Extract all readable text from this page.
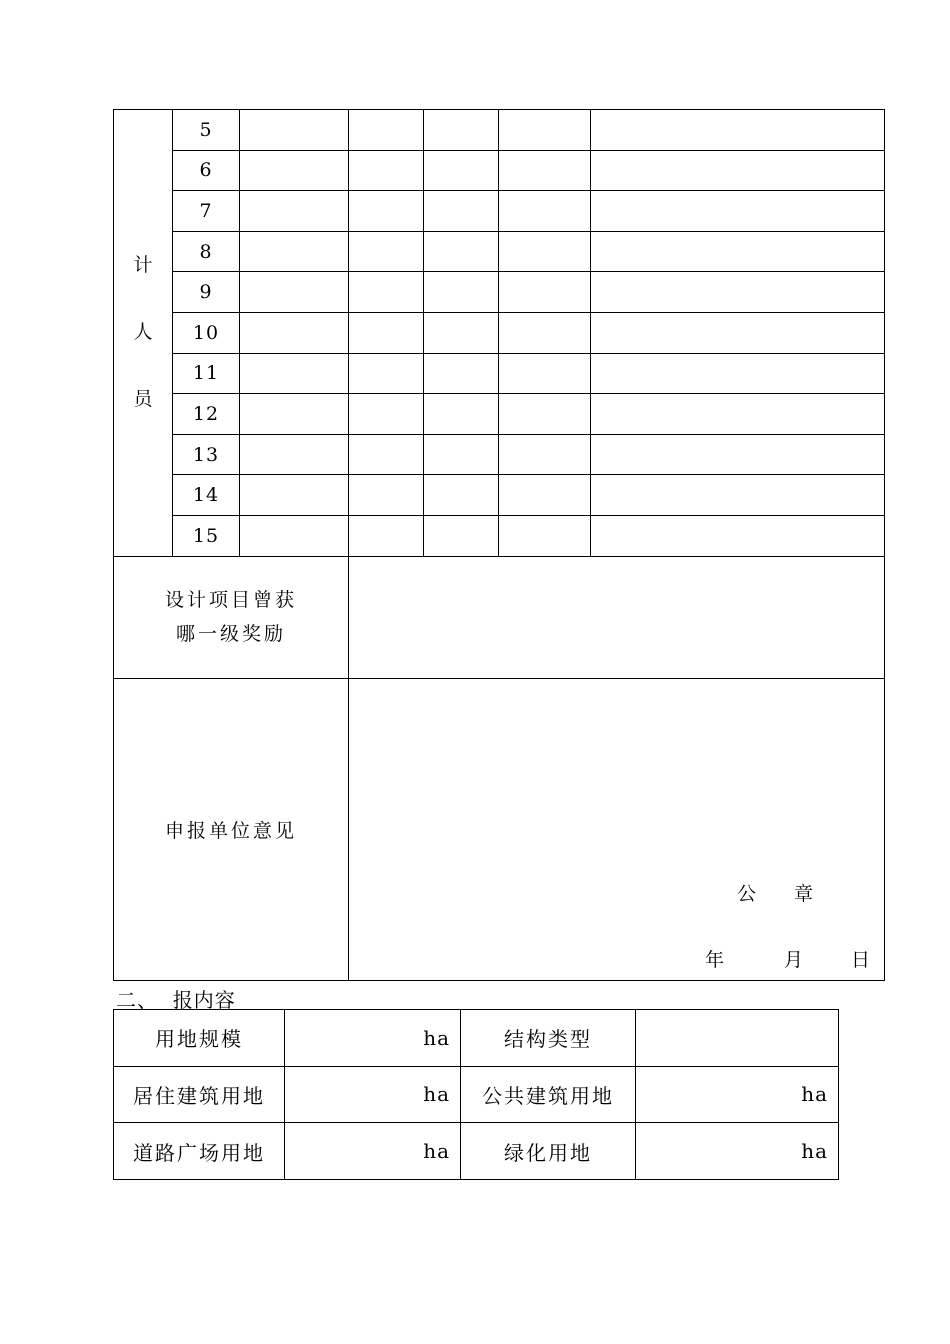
计
人
员	5					
	6					
	7					
	8					
	9					
	10					
	11					
	12					
	13					
	14					
	15					

设计项目曾获
哪一级奖励						

申报单位意见			公 章
年 月 日			
二、  报内容
用地规模	ha	结构类型	
居住建筑用地	ha	公共建筑用地	ha
道路广场用地	ha	绿化用地	ha
